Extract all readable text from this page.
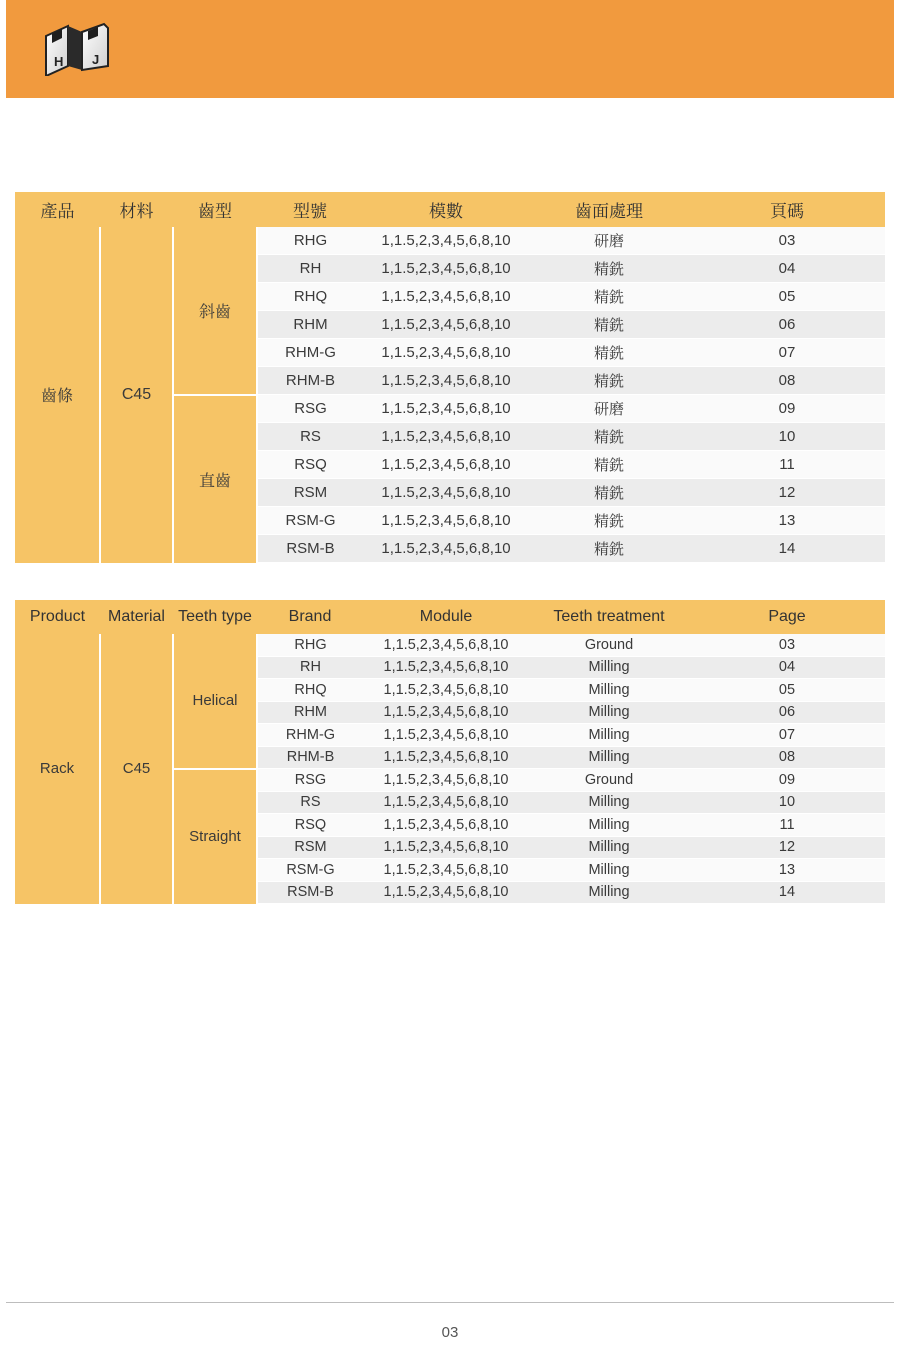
H J
產品	材料	齒型	型號	模數	齒面處理	頁碼
齒條	C45	斜齒	RHG	1,1.5,2,3,4,5,6,8,10	研磨	03
			RH	1,1.5,2,3,4,5,6,8,10	精銑	04
			RHQ	1,1.5,2,3,4,5,6,8,10	精銑	05
			RHM	1,1.5,2,3,4,5,6,8,10	精銑	06
			RHM-G	1,1.5,2,3,4,5,6,8,10	精銑	07
			RHM-B	1,1.5,2,3,4,5,6,8,10	精銑	08
		直齒	RSG	1,1.5,2,3,4,5,6,8,10	研磨	09
			RS	1,1.5,2,3,4,5,6,8,10	精銑	10
			RSQ	1,1.5,2,3,4,5,6,8,10	精銑	11
			RSM	1,1.5,2,3,4,5,6,8,10	精銑	12
			RSM-G	1,1.5,2,3,4,5,6,8,10	精銑	13
			RSM-B	1,1.5,2,3,4,5,6,8,10	精銑	14
Product	Material	Teeth type	Brand	Module	Teeth treatment	Page
Rack	C45	Helical	RHG	1,1.5,2,3,4,5,6,8,10	Ground	03
			RH	1,1.5,2,3,4,5,6,8,10	Milling	04
			RHQ	1,1.5,2,3,4,5,6,8,10	Milling	05
			RHM	1,1.5,2,3,4,5,6,8,10	Milling	06
			RHM-G	1,1.5,2,3,4,5,6,8,10	Milling	07
			RHM-B	1,1.5,2,3,4,5,6,8,10	Milling	08
		Straight	RSG	1,1.5,2,3,4,5,6,8,10	Ground	09
			RS	1,1.5,2,3,4,5,6,8,10	Milling	10
			RSQ	1,1.5,2,3,4,5,6,8,10	Milling	11
			RSM	1,1.5,2,3,4,5,6,8,10	Milling	12
			RSM-G	1,1.5,2,3,4,5,6,8,10	Milling	13
			RSM-B	1,1.5,2,3,4,5,6,8,10	Milling	14
03
